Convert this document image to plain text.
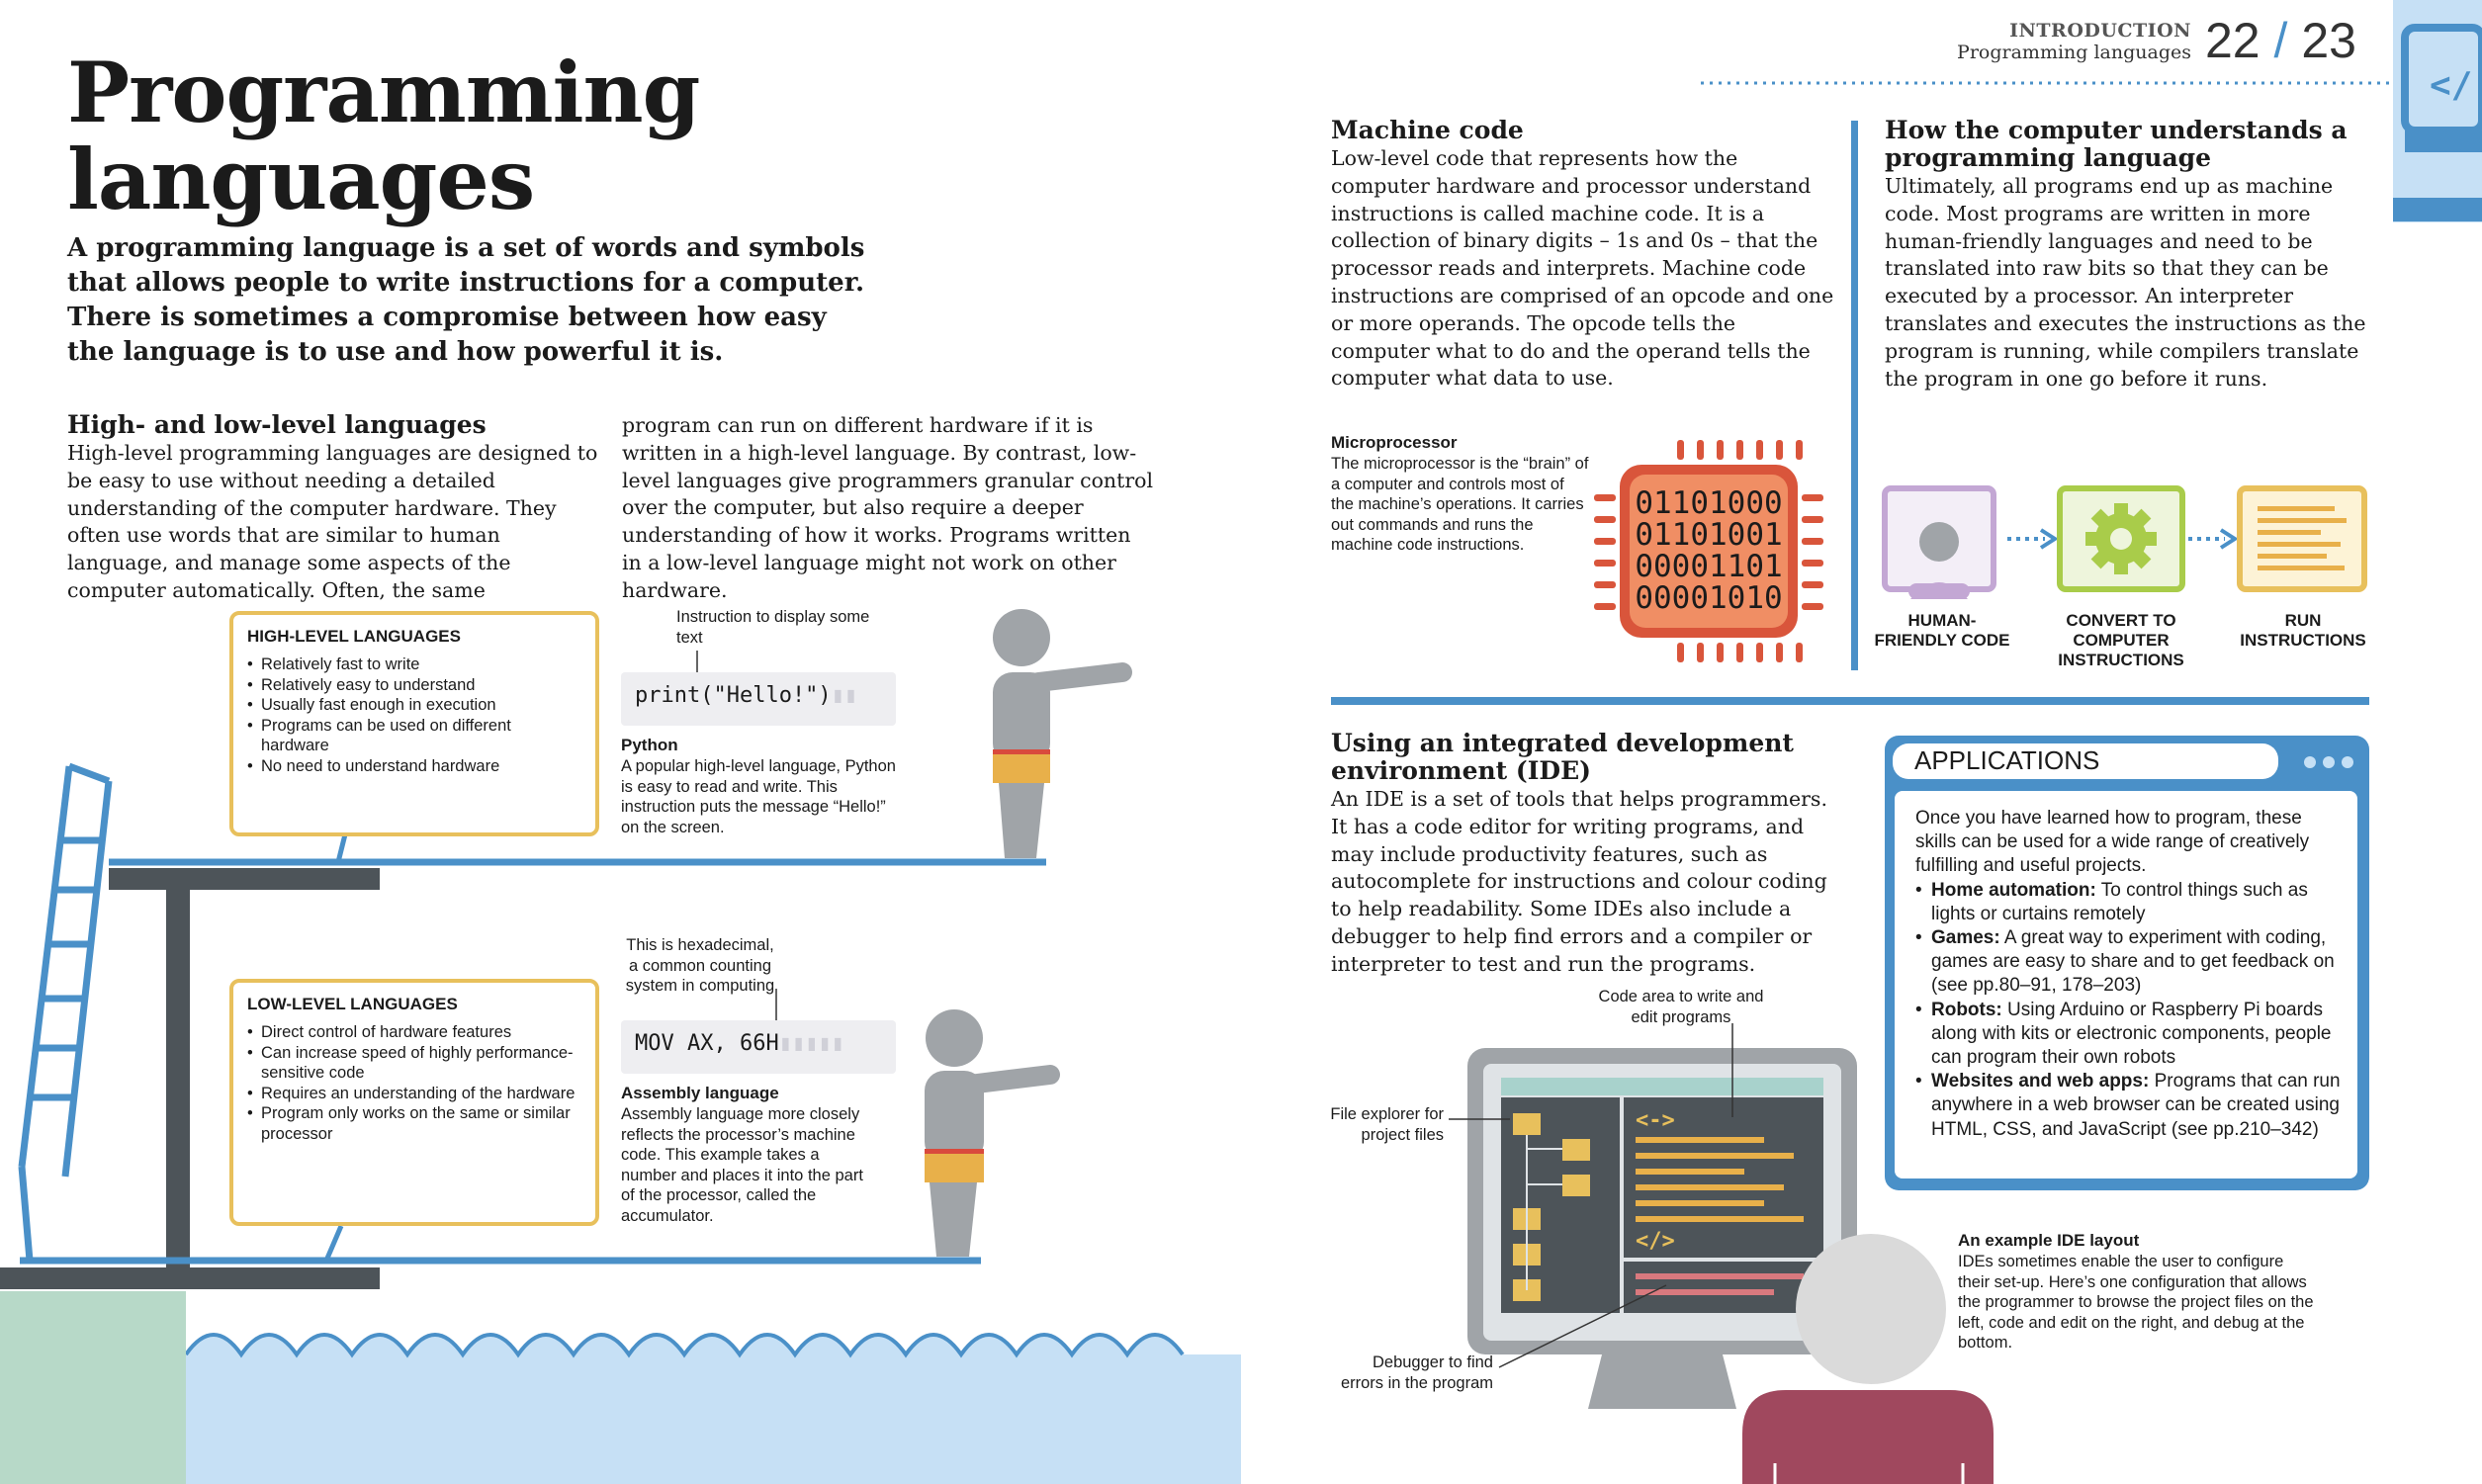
</
<->
</>
Programming
languages
A programming language is a set of words and symbols that allows people to write instructions for a computer. There is sometimes a compromise between how easy the language is to use and how powerful it is.
High- and low-level languages
High-level programming languages are designed to be easy to use without needing a detailed understanding of the computer hardware. They often use words that are similar to human language, and manage some aspects of the computer automatically. Often, the same
program can run on different hardware if it is written in a high-level language. By contrast, low-level languages give programmers granular control over the computer, but also require a deeper understanding of how it works. Programs written in a low-level language might not work on other hardware.
HIGH-LEVEL LANGUAGES
• Relatively fast to write
• Relatively easy to understand
• Usually fast enough in execution
• Programs can be used on different hardware
• No need to understand hardware
LOW-LEVEL LANGUAGES
• Direct control of hardware features
• Can increase speed of highly performance-sensitive code
• Requires an understanding of the hardware
• Program only works on the same or similar processor
Instruction to display some text
print("Hello!")▮▮
Python
A popular high-level language, Python is easy to read and write. This instruction puts the message “Hello!” on the screen.
This is hexadecimal, a common counting system in computing
MOV AX, 66H▮▮▮▮▮
Assembly language
Assembly language more closely reflects the processor’s machine code. This example takes a number and places it into the part of the processor, called the accumulator.
INTRODUCTION
Programming languages 22 / 23
Machine code
Low-level code that represents how the computer hardware and processor understand instructions is called machine code. It is a collection of binary digits – 1s and 0s – that the processor reads and interprets. Machine code instructions are comprised of an opcode and one or more operands. The opcode tells the computer what to do and the operand tells the computer what data to use.
Microprocessor
The microprocessor is the “brain” of a computer and controls most of the machine’s operations. It carries out commands and runs the machine code instructions.
01101000
01101001
00001101
00001010
How the computer understands a programming language
Ultimately, all programs end up as machine code. Most programs are written in more human-friendly languages and need to be translated into raw bits so that they can be executed by a processor. An interpreter translates and executes the instructions as the program is running, while compilers translate the program in one go before it runs.
HUMAN-FRIENDLY CODE
CONVERT TO COMPUTER INSTRUCTIONS
RUN INSTRUCTIONS
Using an integrated development environment (IDE)
An IDE is a set of tools that helps programmers. It has a code editor for writing programs, and may include productivity features, such as autocomplete for instructions and colour coding to help readability. Some IDEs also include a debugger to help find errors and a compiler or interpreter to test and run the programs.
Code area to write and edit programs
File explorer for project files
Debugger to find errors in the program
An example IDE layout
IDEs sometimes enable the user to configure their set-up. Here’s one configuration that allows the programmer to browse the project files on the left, code and edit on the right, and debug at the bottom.
APPLICATIONS
Once you have learned how to program, these skills can be used for a wide range of creatively fulfilling and useful projects.
• Home automation: To control things such as lights or curtains remotely
• Games: A great way to experiment with coding, games are easy to share and to get feedback on (see pp.80–91, 178–203)
• Robots: Using Arduino or Raspberry Pi boards along with kits or electronic components, people can program their own robots
• Websites and web apps: Programs that can run anywhere in a web browser can be created using HTML, CSS, and JavaScript (see pp.210–342)
